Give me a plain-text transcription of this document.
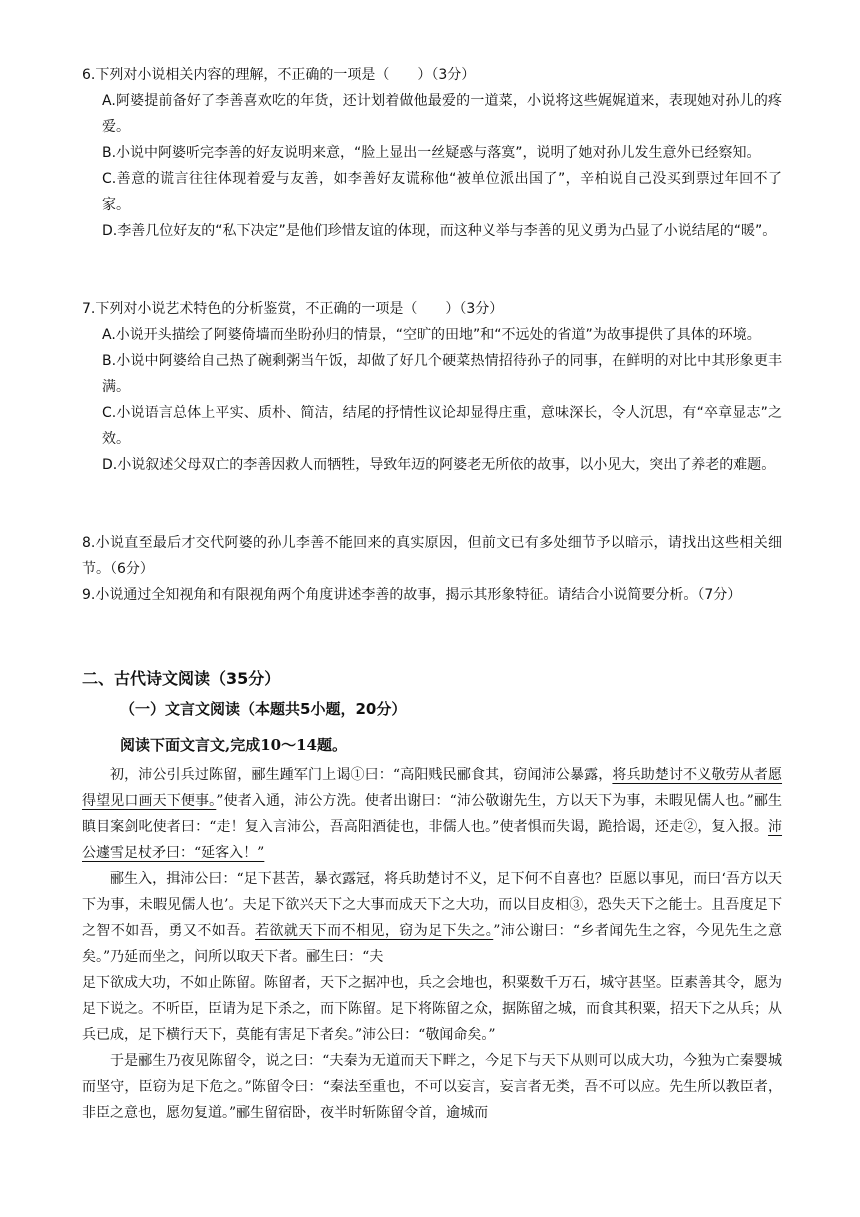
6.下列对小说相关内容的理解，不正确的一项是（　　）（3分）

A.阿婆提前备好了李善喜欢吃的年货，还计划着做他最爱的一道菜，小说将这些娓娓道来，表现她对孙儿的疼爱。

B.小说中阿婆听完李善的好友说明来意，“脸上显出一丝疑惑与落寞”，说明了她对孙儿发生意外已经察知。

C.善意的谎言往往体现着爱与友善，如李善好友谎称他“被单位派出国了”，辛柏说自己没买到票过年回不了家。

D.李善几位好友的“私下决定”是他们珍惜友谊的体现，而这种义举与李善的见义勇为凸显了小说结尾的“暖”。

7.下列对小说艺术特色的分析鉴赏，不正确的一项是（　　）（3分）

A.小说开头描绘了阿婆倚墙而坐盼孙归的情景，“空旷的田地”和“不远处的省道”为故事提供了具体的环境。

B.小说中阿婆给自己热了碗剩粥当午饭，却做了好几个硬菜热情招待孙子的同事，在鲜明的对比中其形象更丰满。

C.小说语言总体上平实、质朴、简洁，结尾的抒情性议论却显得庄重，意味深长，令人沉思，有“卒章显志”之效。

D.小说叙述父母双亡的李善因救人而牺牲，导致年迈的阿婆老无所依的故事，以小见大，突出了养老的难题。

8.小说直至最后才交代阿婆的孙儿李善不能回来的真实原因，但前文已有多处细节予以暗示，请找出这些相关细节。（6分）

9.小说通过全知视角和有限视角两个角度讲述李善的故事，揭示其形象特征。请结合小说简要分析。（7分）

二、古代诗文阅读（35分）
（一）文言文阅读（本题共5小题，20分）
阅读下面文言文,完成10～14题。

初，沛公引兵过陈留，郦生踵军门上谒①曰：“高阳贱民郦食其，窃闻沛公暴露，将兵助楚讨不义敬劳从者愿得望见口画天下便事。”使者入通，沛公方洗。使者出谢曰：“沛公敬谢先生，方以天下为事，未暇见儒人也。”郦生瞋目案剑叱使者曰：“走！复入言沛公，吾高阳酒徒也，非儒人也。”使者惧而失谒，跪拾谒，还走②，复入报。沛公遽雪足杖矛曰：“延客入！”

郦生入，揖沛公曰：“足下甚苦，暴衣露冠，将兵助楚讨不义，足下何不自喜也？臣愿以事见，而曰‘吾方以天下为事，未暇见儒人也’。夫足下欲兴天下之大事而成天下之大功，而以目皮相③，恐失天下之能士。且吾度足下之智不如吾，勇又不如吾。若欲就天下而不相见，窃为足下失之。”沛公谢曰：“乡者闻先生之容，今见先生之意矣。”乃延而坐之，问所以取天下者。郦生曰：“夫

足下欲成大功，不如止陈留。陈留者，天下之据冲也，兵之会地也，积粟数千万石，城守甚坚。臣素善其令，愿为足下说之。不听臣，臣请为足下杀之，而下陈留。足下将陈留之众，据陈留之城，而食其积粟，招天下之从兵；从兵已成，足下横行天下，莫能有害足下者矣。”沛公曰：“敬闻命矣。”

于是郦生乃夜见陈留令，说之曰：“夫秦为无道而天下畔之，今足下与天下从则可以成大功，今独为亡秦婴城而坚守，臣窃为足下危之。”陈留令曰：“秦法至重也，不可以妄言，妄言者无类，吾不可以应。先生所以教臣者，非臣之意也，愿勿复道。”郦生留宿卧，夜半时斩陈留令首，逾城而
